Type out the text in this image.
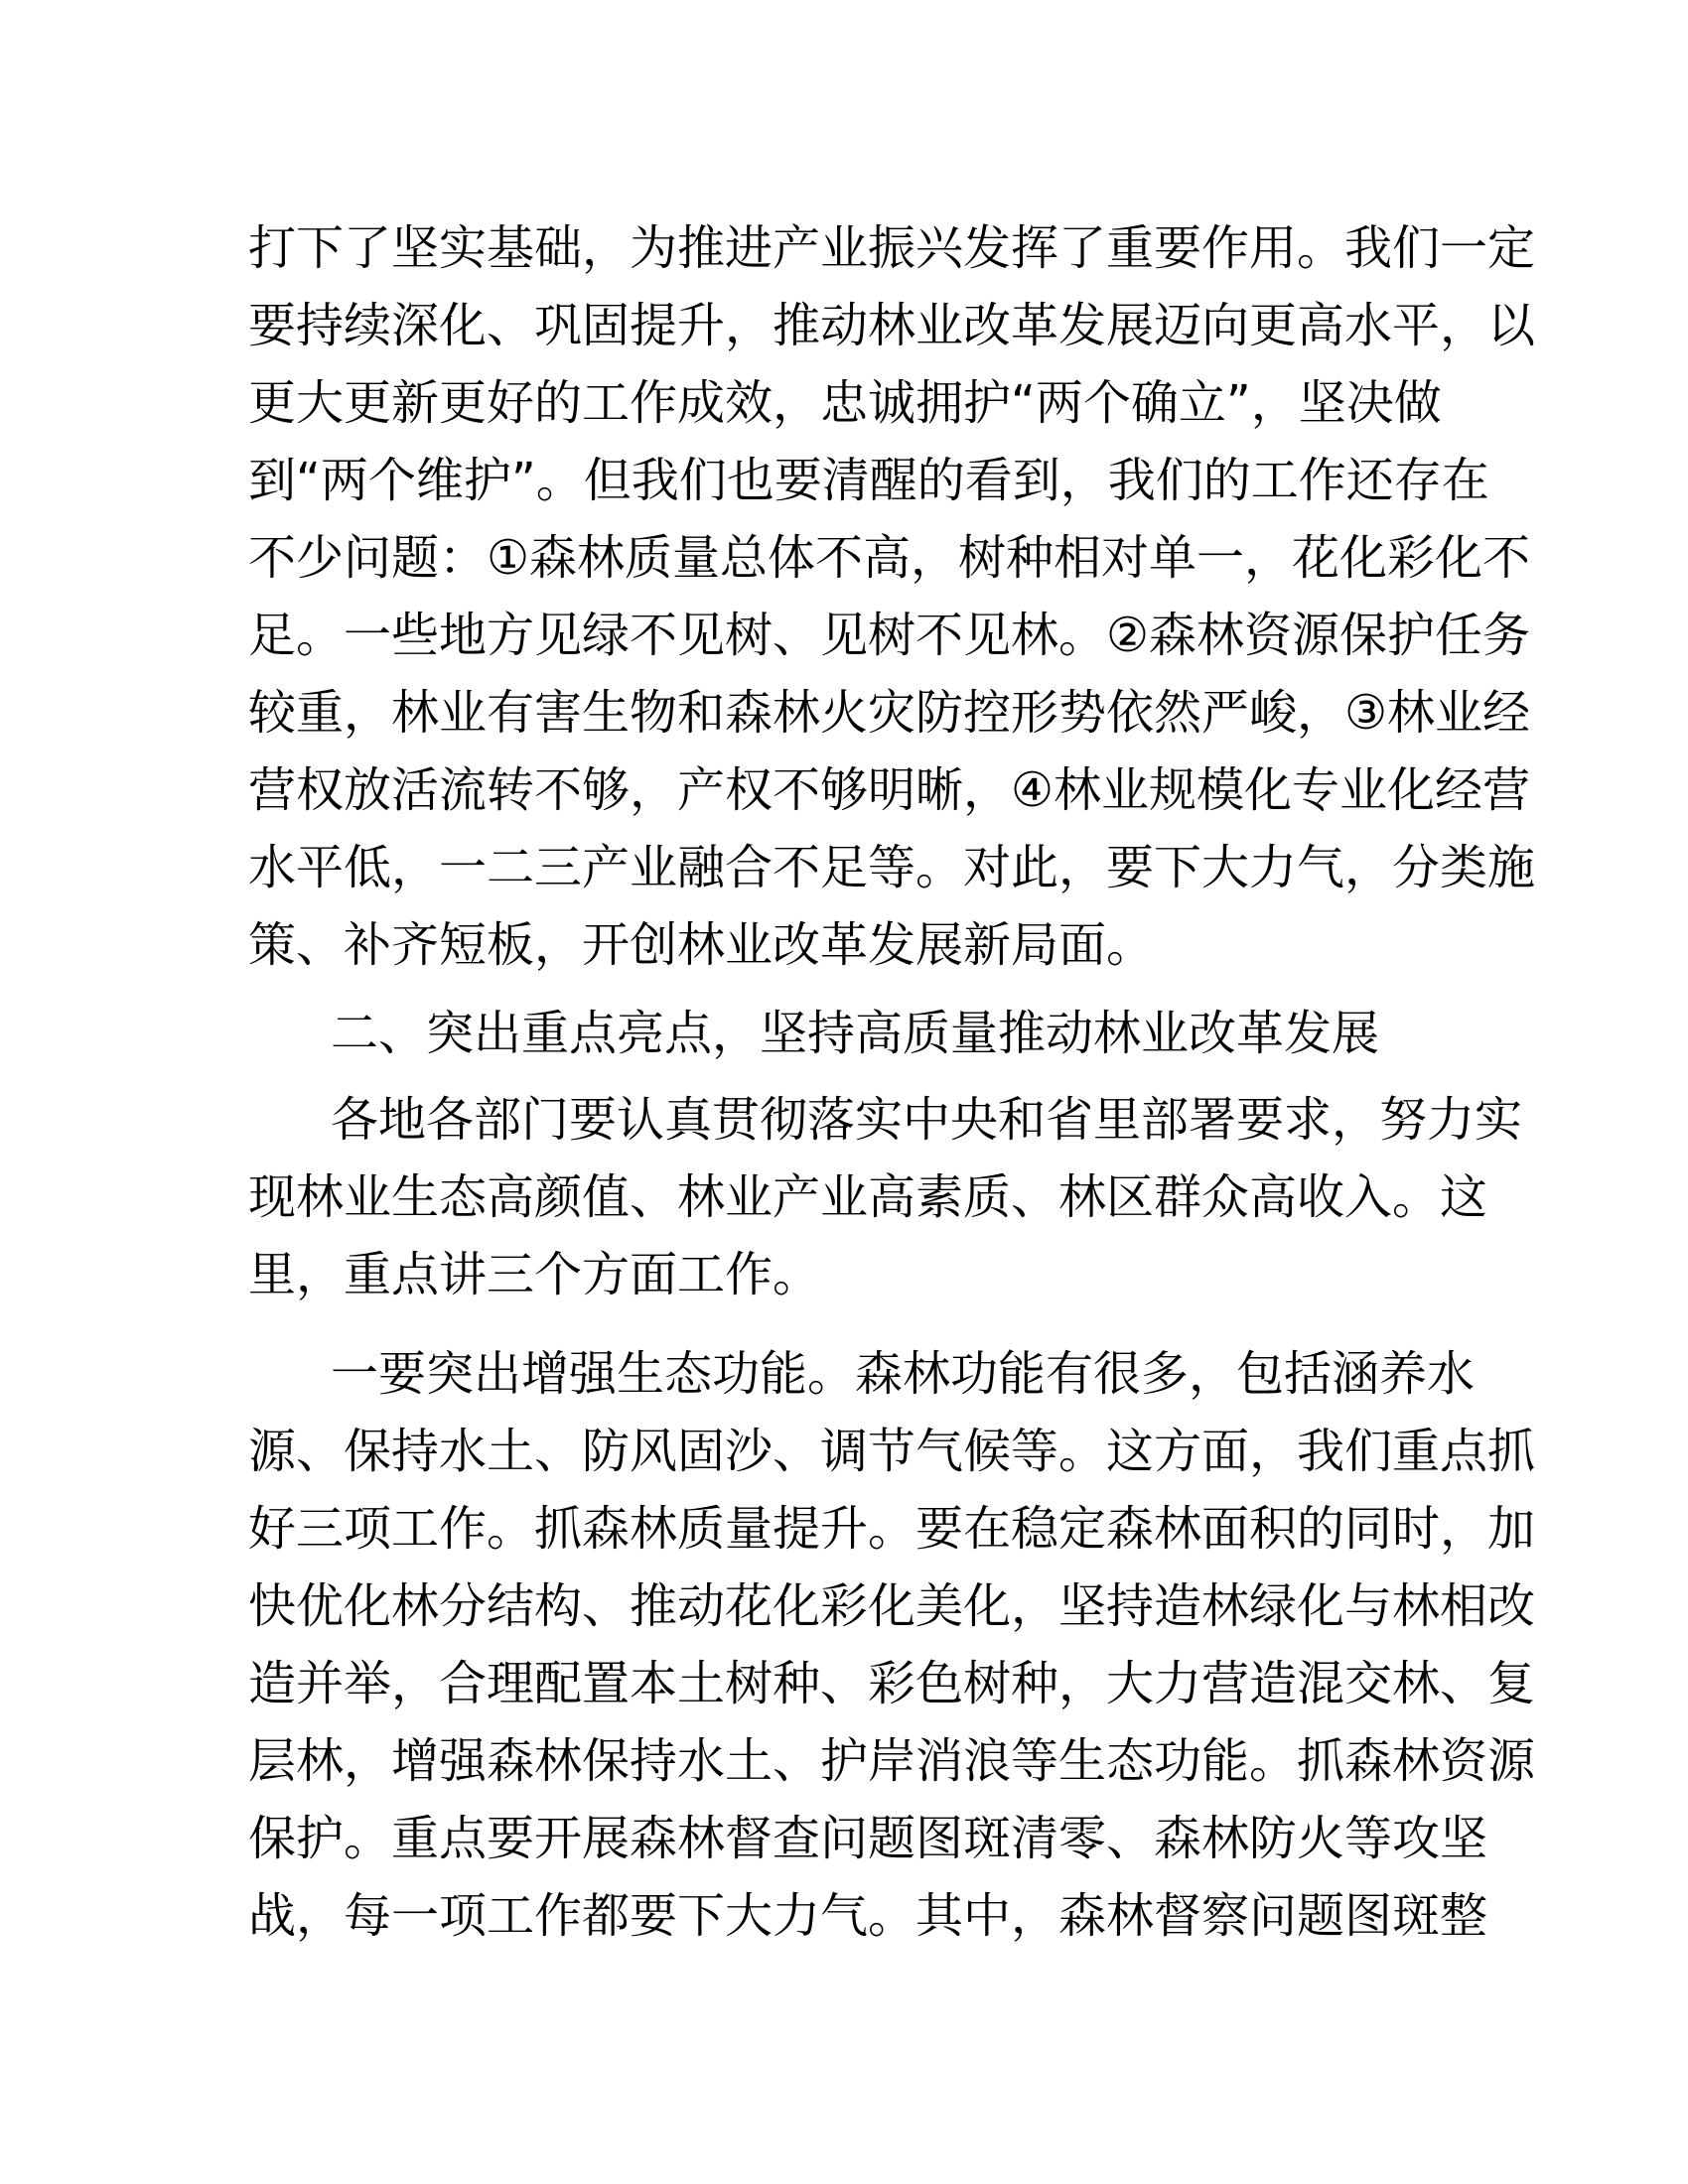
打下了坚实基础，为推进产业振兴发挥了重要作用。我们一定
要持续深化、巩固提升，推动林业改革发展迈向更高水平，以
更大更新更好的工作成效，忠诚拥护“两个确立”，坚决做
到“两个维护”。但我们也要清醒的看到，我们的工作还存在
不少问题：①森林质量总体不高，树种相对单一，花化彩化不
足。一些地方见绿不见树、见树不见林。②森林资源保护任务
较重，林业有害生物和森林火灾防控形势依然严峻，③林业经
营权放活流转不够，产权不够明晰，④林业规模化专业化经营
水平低，一二三产业融合不足等。对此，要下大力气，分类施
策、补齐短板，开创林业改革发展新局面。
二、突出重点亮点，坚持高质量推动林业改革发展
各地各部门要认真贯彻落实中央和省里部署要求，努力实
现林业生态高颜值、林业产业高素质、林区群众高收入。这
里，重点讲三个方面工作。
一要突出增强生态功能。森林功能有很多，包括涵养水
源、保持水土、防风固沙、调节气候等。这方面，我们重点抓
好三项工作。抓森林质量提升。要在稳定森林面积的同时，加
快优化林分结构、推动花化彩化美化，坚持造林绿化与林相改
造并举，合理配置本土树种、彩色树种，大力营造混交林、复
层林，增强森林保持水土、护岸消浪等生态功能。抓森林资源
保护。重点要开展森林督查问题图斑清零、森林防火等攻坚
战，每一项工作都要下大力气。其中，森林督察问题图斑整
